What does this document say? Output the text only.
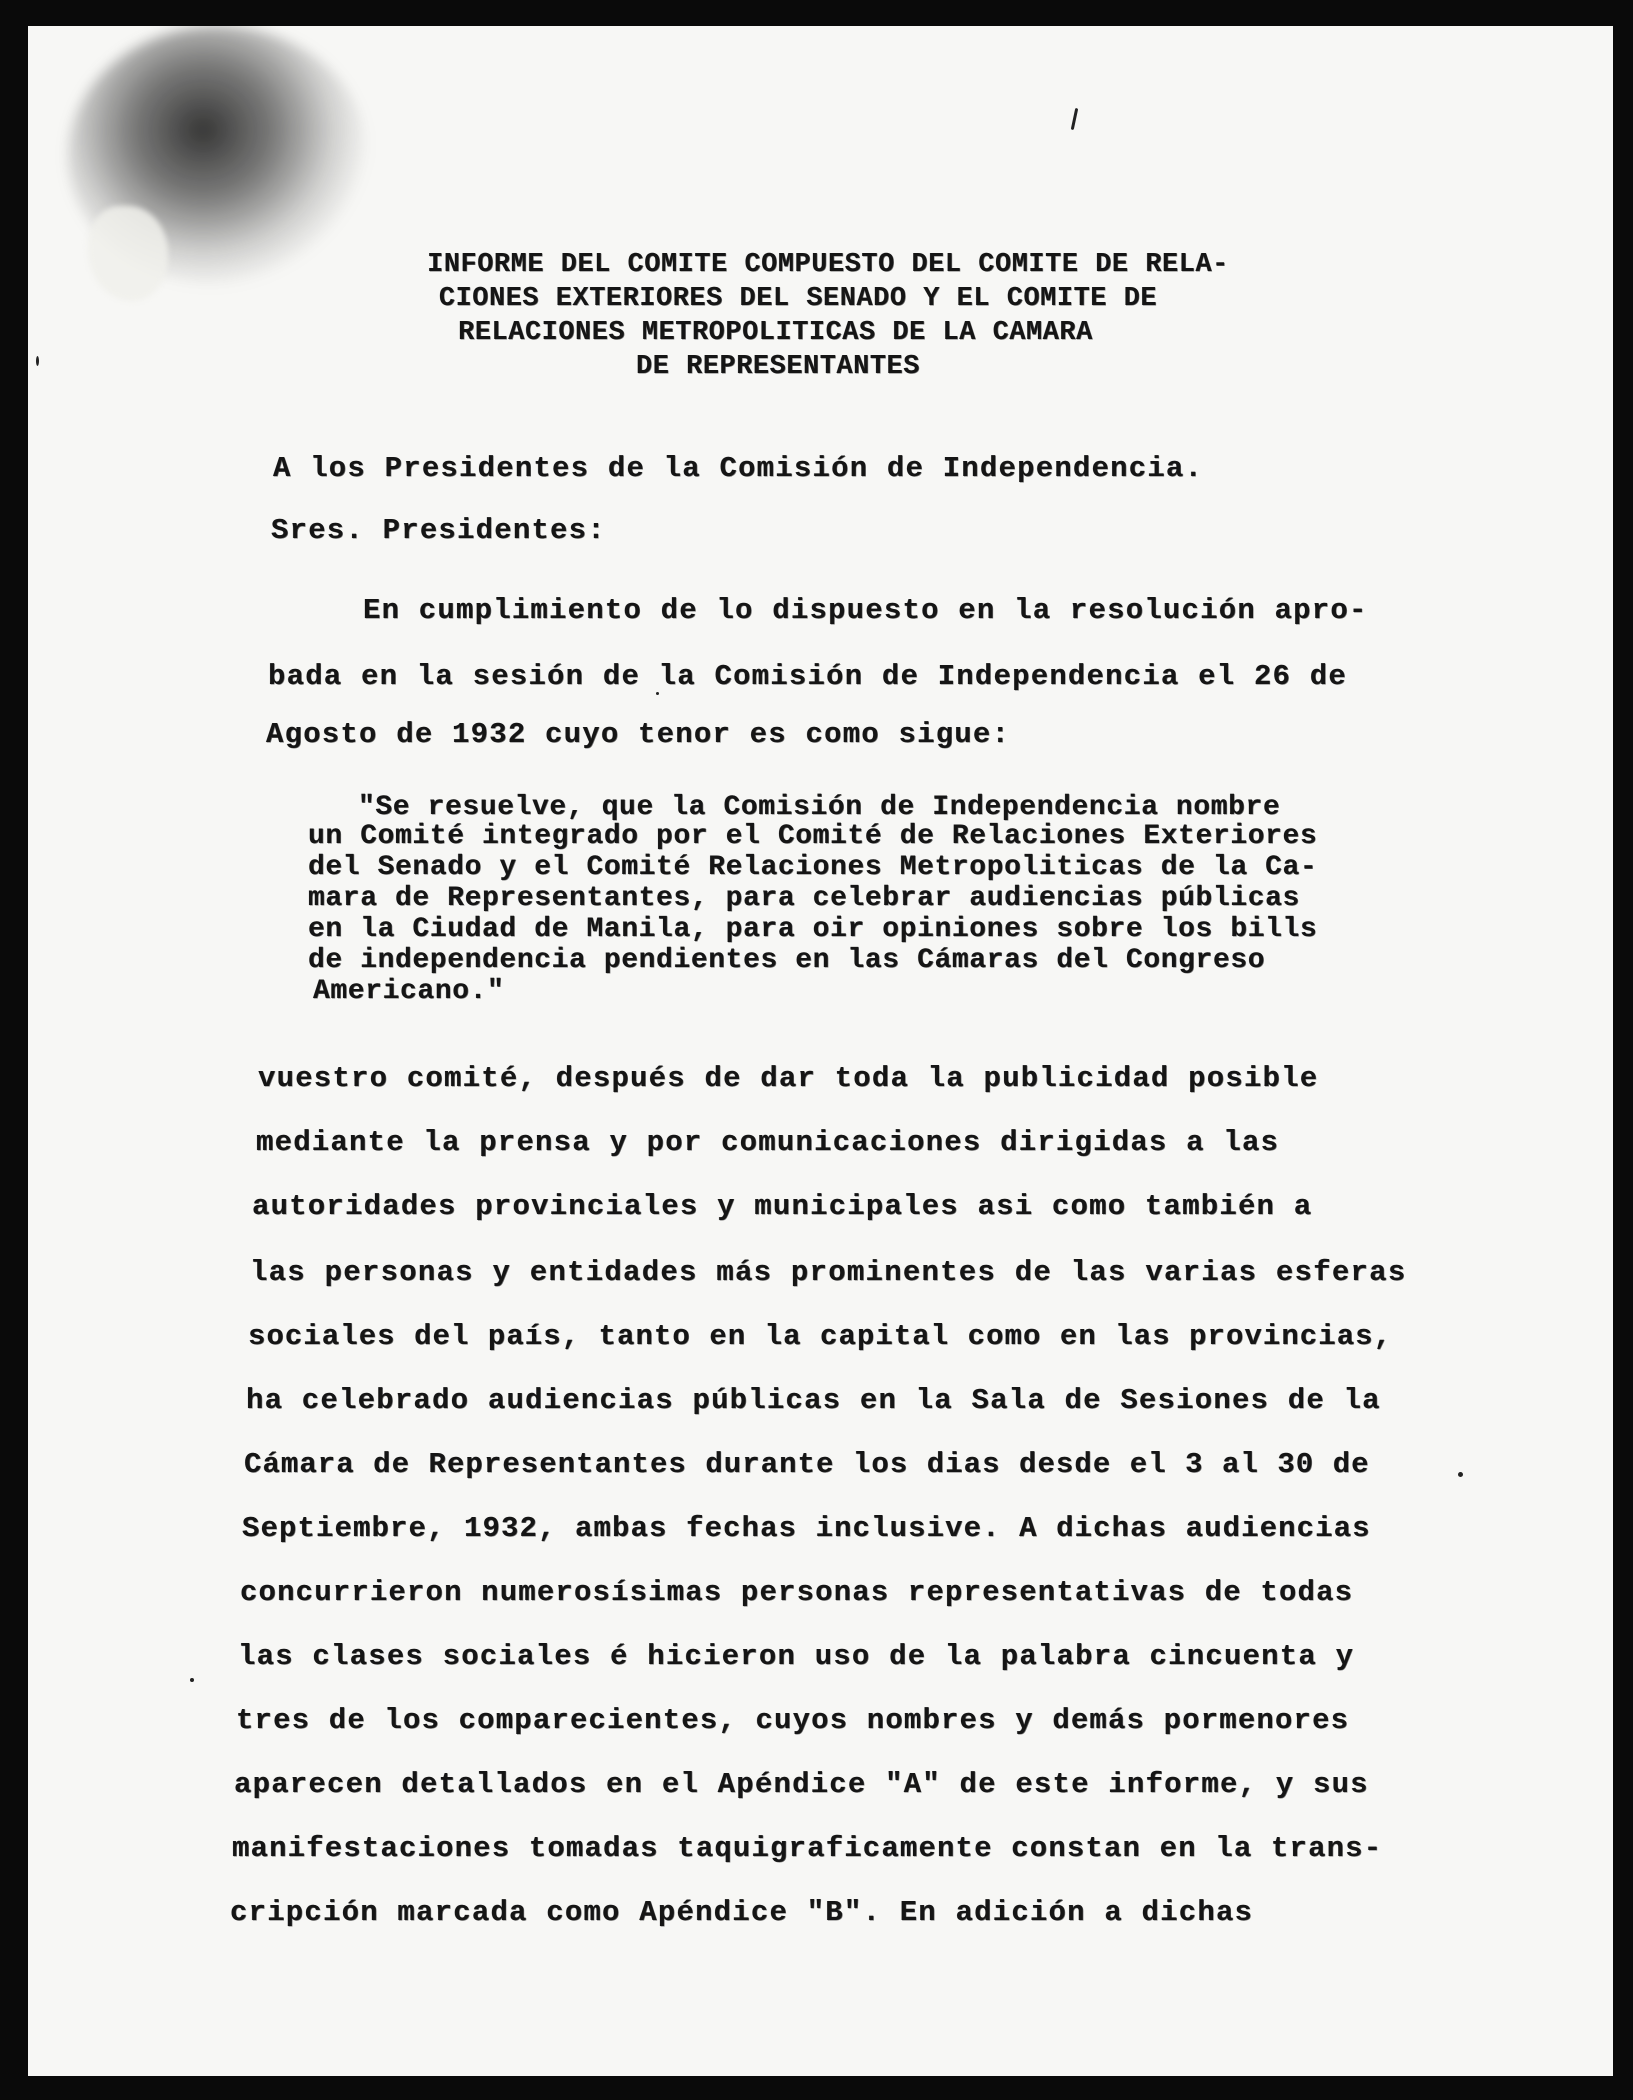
INFORME DEL COMITE COMPUESTO DEL COMITE DE RELA-
CIONES EXTERIORES DEL SENADO Y EL COMITE DE
RELACIONES METROPOLITICAS DE LA CAMARA
DE REPRESENTANTES
A los Presidentes de la Comisión de Independencia.
Sres. Presidentes:
En cumplimiento de lo dispuesto en la resolución apro-
bada en la sesión de la Comisión de Independencia el 26 de
Agosto de 1932 cuyo tenor es como sigue:
"Se resuelve, que la Comisión de Independencia nombre
un Comité integrado por el Comité de Relaciones Exteriores
del Senado y el Comité Relaciones Metropoliticas de la Ca-
mara de Representantes, para celebrar audiencias públicas
en la Ciudad de Manila, para oir opiniones sobre los bills
de independencia pendientes en las Cámaras del Congreso
Americano."
vuestro comité, después de dar toda la publicidad posible
mediante la prensa y por comunicaciones dirigidas a las
autoridades provinciales y municipales asi como también a
las personas y entidades más prominentes de las varias esferas
sociales del país, tanto en la capital como en las provincias,
ha celebrado audiencias públicas en la Sala de Sesiones de la
Cámara de Representantes durante los dias desde el 3 al 30 de
Septiembre, 1932, ambas fechas inclusive. A dichas audiencias
concurrieron numerosísimas personas representativas de todas
las clases sociales é hicieron uso de la palabra cincuenta y
tres de los comparecientes, cuyos nombres y demás pormenores
aparecen detallados en el Apéndice "A" de este informe, y sus
manifestaciones tomadas taquigraficamente constan en la trans-
cripción marcada como Apéndice "B". En adición a dichas
